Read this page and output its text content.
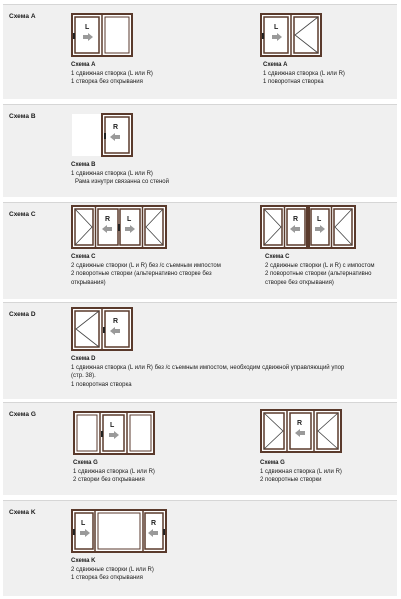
Схема A
L
Схема A
1 сдвижная створка (L или R)
1 створка без открывания
L
Схема A
1 сдвижная створка (L или R)
1 поворотная створка
Схема B
R
Схема B
1 сдвижная створка (L или R)
Рама изнутри связанна со стеной
Схема C
R L
Схема C
2 сдвижные створки (L и R) без /с съемным импостом
2 поворотные створки (альтернативно створке без
открывания)
R	L
Схема C
2 сдвижные створки (L и R) с импостом
2 поворотные створки (альтернативно
створке без открывания)
Схема D
R
Схема D
1 сдвижная створка (L или R) без /с съемным импостом, необходим сдвижной управляющий упор
(стр. 38).
1 поворотная створка
Схема G
L
Схема G
1 сдвижная створка (L или R)
2 створки без открывания
R
Схема G
1 сдвижная створка (L или R)
2 поворотные створки
Схема K
L	R
Схема K
2 сдвижные створки (L или R)
1 створка без открывания
